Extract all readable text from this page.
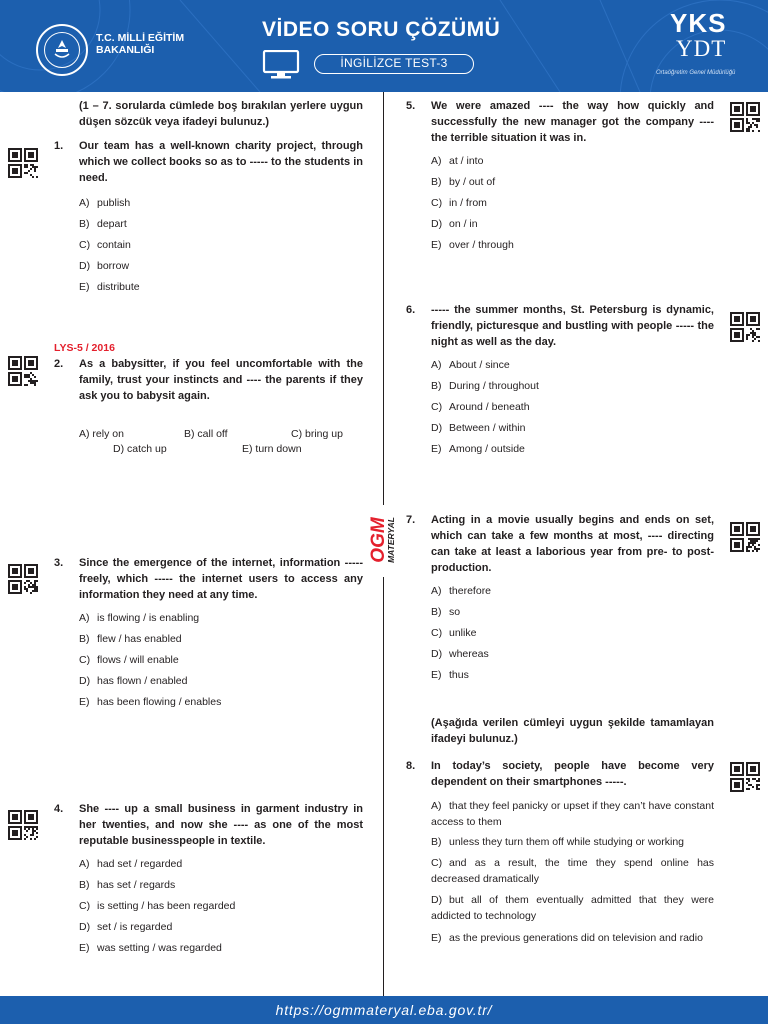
T.C. MİLLİ EĞİTİM
BAKANLIĞI
VİDEO SORU ÇÖZÜMÜ
İNGİLİZCE TEST-3
YKS
YDT
Ortaöğretim Genel Müdürlüğü
OGM
MATERYAL
(1 – 7. sorularda cümlede boş bırakılan yerlere uygun düşen sözcük veya ifadeyi bulunuz.)
1. Our team has a well-known charity project, through which we collect books so as to ----- to the students in need.
A) publish
B) depart
C) contain
D) borrow
E) distribute
LYS-5 / 2016
2. As a babysitter, if you feel uncomfortable with the family, trust your instincts and ---- the parents if they ask you to babysit again.
A) rely on	B) call off	C) bring up
D) catch up	E) turn down
3. Since the emergence of the internet, information ----- freely, which ----- the internet users to access any information they need at any time.
A) is flowing / is enabling
B) flew / has enabled
C) flows / will enable
D) has flown / enabled
E) has been flowing / enables
4. She ---- up a small business in garment industry in her twenties, and now she ---- as one of the most reputable businesspeople in textile.
A) had set / regarded
B) has set / regards
C) is setting / has been regarded
D) set / is regarded
E) was setting / was regarded
5. We were amazed ---- the way how quickly and successfully the new manager got the company ---- the terrible situation it was in.
A) at / into
B) by / out of
C) in / from
D) on / in
E) over / through
6. ----- the summer months, St. Petersburg is dynamic, friendly, picturesque and bustling with people ----- the night as well as the day.
A) About / since
B) During / throughout
C) Around / beneath
D) Between / within
E) Among / outside
7. Acting in a movie usually begins and ends on set, which can take a few months at most, ---- directing can take at least a laborious year from pre- to post-production.
A) therefore
B) so
C) unlike
D) whereas
E) thus
(Aşağıda verilen cümleyi uygun şekilde tamamlayan ifadeyi bulunuz.)
8. In today’s society, people have become very dependent on their smartphones -----.
A) that they feel panicky or upset if they can’t have constant access to them
B) unless they turn them off while studying or working
C) and as a result, the time they spend online has decreased dramatically
D) but all of them eventually admitted that they were addicted to technology
E) as the previous generations did on television and radio
https://ogmmateryal.eba.gov.tr/
